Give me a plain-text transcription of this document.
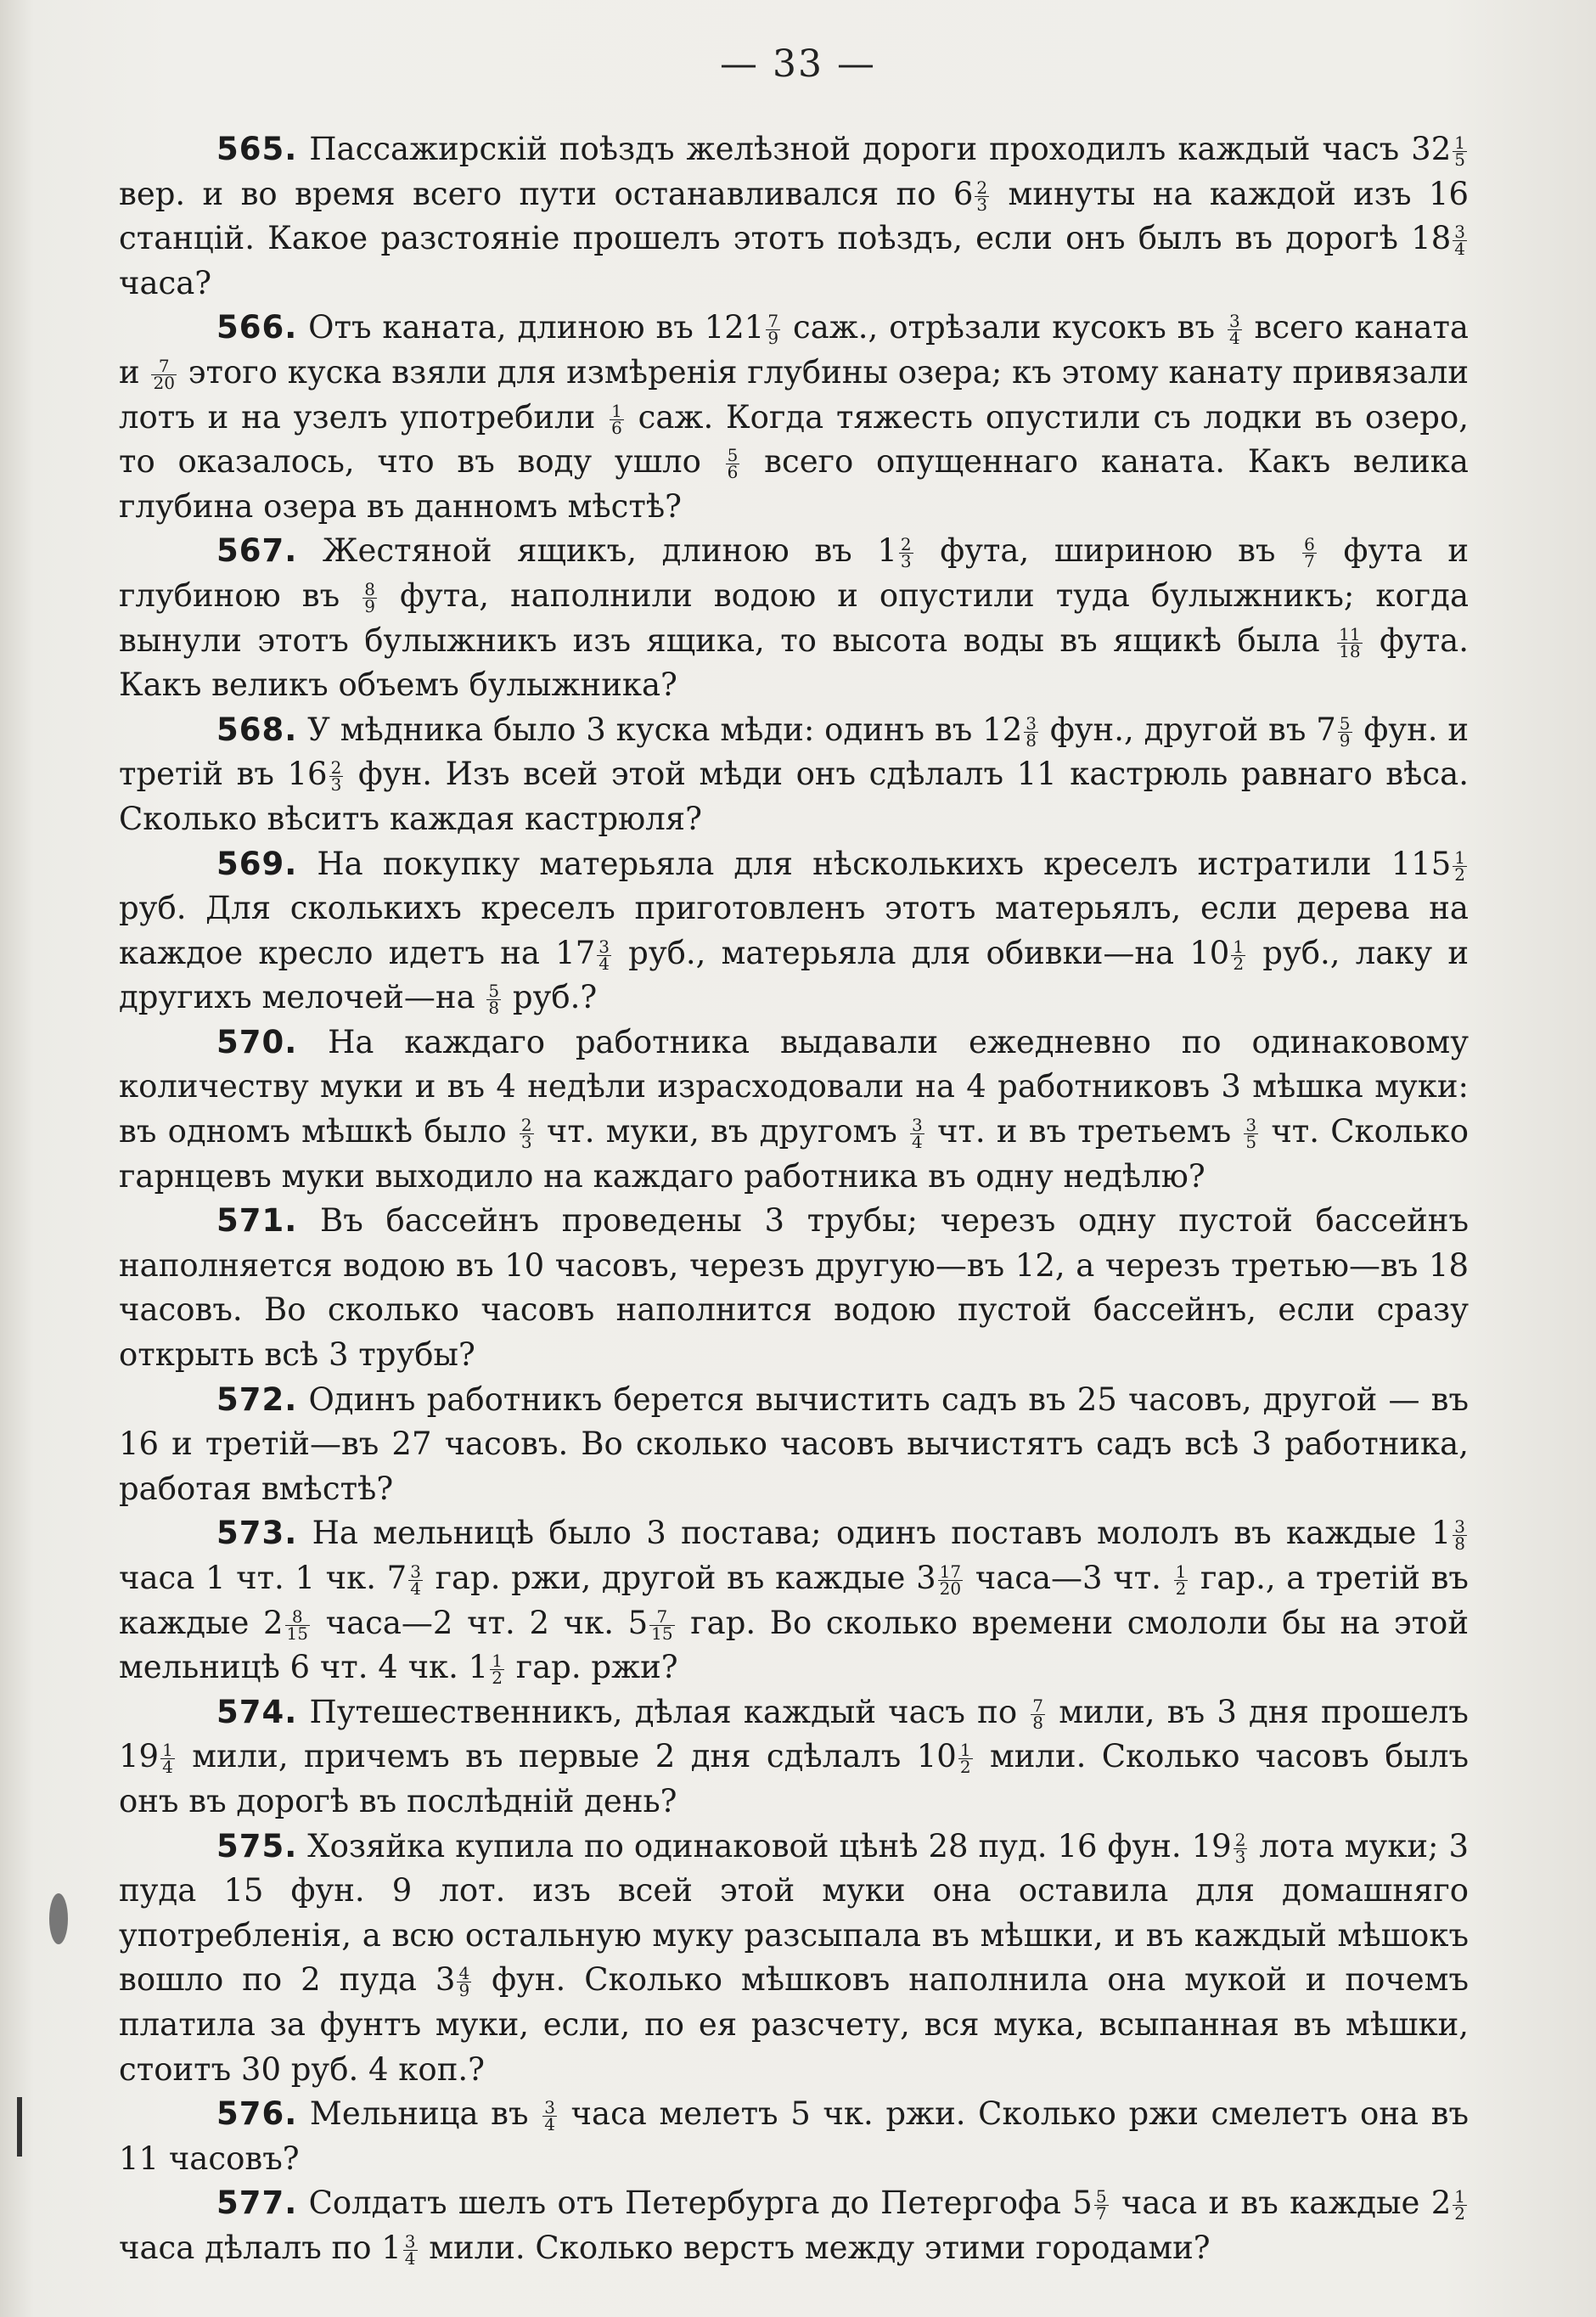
— 33 —

565. Пассажирскій поѣздъ желѣзной дороги проходилъ каждый часъ $32 \frac{1}{5}$
вер. и во время всего пути останавливался по $6 \frac{2}{3}$ минуты на каждой изъ 16 станцій. Какое разстояніе прошелъ этотъ поѣздъ, если онъ былъ въ дорогѣ $18 \frac{3}{4}$
часа?

566. Отъ каната, длиною въ $121 \frac{7}{9}$ саж., отрѣзали кусокъ въ $\frac{3}{4}$ всего каната и $\frac{7}{20}$ этого куска взяли для измѣренія глубины озера; къ этому канату привязали лотъ и на узелъ употребили $\frac{1}{6}$ саж. Когда тяжесть опустили съ лодки въ озеро, то оказалось, что въ воду ушло $\frac{5}{6}$ всего опущеннаго каната. Какъ велика глубина озера въ данномъ мѣстѣ?

567. Жестяной ящикъ, длиною въ $1 \frac{2}{3}$ фута, шириною въ $\frac{6}{7}$ фута и глубиною въ $\frac{8}{9}$ фута, наполнили водою и опустили туда булыжникъ; когда вынули этотъ булыжникъ изъ ящика, то высота воды въ ящикѣ была $\frac{11}{18}$ фута. Какъ великъ объемъ булыжника?

568. У мѣдника было 3 куска мѣди: одинъ въ $12 \frac{3}{8}$ фун., другой въ $7 \frac{5}{9}$ фун. и третій въ $16 \frac{2}{3}$ фун. Изъ всей этой мѣди онъ сдѣлалъ 11 кастрюль равнаго вѣса. Сколько вѣситъ каждая кастрюля?

569. На покупку матерьяла для нѣсколькихъ креселъ истратили $115 \frac{1}{2}$
руб. Для сколькихъ креселъ приготовленъ этотъ матерьялъ, если дерева на каждое кресло идетъ на $17 \frac{3}{4}$ руб., матерьяла для обивки—на $10 \frac{1}{2}$ руб., лаку и другихъ мелочей—на $\frac{5}{8}$ руб.?

570. На каждаго работника выдавали ежедневно по одинаковому количеству муки и въ 4 недѣли израсходовали на 4 работниковъ 3 мѣшка муки: въ одномъ мѣшкѣ было $\frac{2}{3}$ чт. муки, въ другомъ $\frac{3}{4}$ чт. и въ третьемъ $\frac{3}{5}$ чт. Сколько гарнцевъ муки выходило на каждаго работника въ одну недѣлю?

571. Въ бассейнъ проведены 3 трубы; черезъ одну пустой бассейнъ наполняется водою въ 10 часовъ, черезъ другую—въ 12, а черезъ третью—въ 18 часовъ. Во сколько часовъ наполнится водою пустой бассейнъ, если сразу открыть всѣ 3 трубы?

572. Одинъ работникъ берется вычистить садъ въ 25 часовъ, другой — въ 16 и третій—въ 27 часовъ. Во сколько часовъ вычистятъ садъ всѣ 3 работника, работая вмѣстѣ?

573. На мельницѣ было 3 постава; одинъ поставъ мололъ въ каждые $1 \frac{3}{8}$
часа 1 чт. 1 чк. $7 \frac{3}{4}$ гар. ржи, другой въ каждые $3 \frac{17}{20}$ часа—3 чт. $\frac{1}{2}$ гар., а третій въ каждые $2 \frac{8}{15}$ часа—2 чт. 2 чк. $5 \frac{7}{15}$ гар. Во сколько времени смололи бы на этой мельницѣ 6 чт. 4 чк. $1 \frac{1}{2}$ гар. ржи?

574. Путешественникъ, дѣлая каждый часъ по $\frac{7}{8}$ мили, въ 3 дня прошелъ $19 \frac{1}{4}$ мили, причемъ въ первые 2 дня сдѣлалъ $10 \frac{1}{2}$ мили. Сколько часовъ былъ онъ въ дорогѣ въ послѣдній день?

575. Хозяйка купила по одинаковой цѣнѣ 28 пуд. 16 фун. $19 \frac{2}{3}$ лота муки; 3 пуда 15 фун. 9 лот. изъ всей этой муки она оставила для домашняго употребленія, а всю остальную муку разсыпала въ мѣшки, и въ каждый мѣшокъ вошло по 2 пуда $3 \frac{4}{9}$ фун. Сколько мѣшковъ наполнила она мукой и почемъ платила за фунтъ муки, если, по ея разсчету, вся мука, всыпанная въ мѣшки, стоитъ 30 руб. 4 коп.?

576. Мельница въ $\frac{3}{4}$ часа мелетъ 5 чк. ржи. Сколько ржи смелетъ она въ 11 часовъ?

577. Солдатъ шелъ отъ Петербурга до Петергофа $5 \frac{5}{7}$ часа и въ каждые $2 \frac{1}{2}$
часа дѣлалъ по $1 \frac{3}{4}$ мили. Сколько верстъ между этими городами?
